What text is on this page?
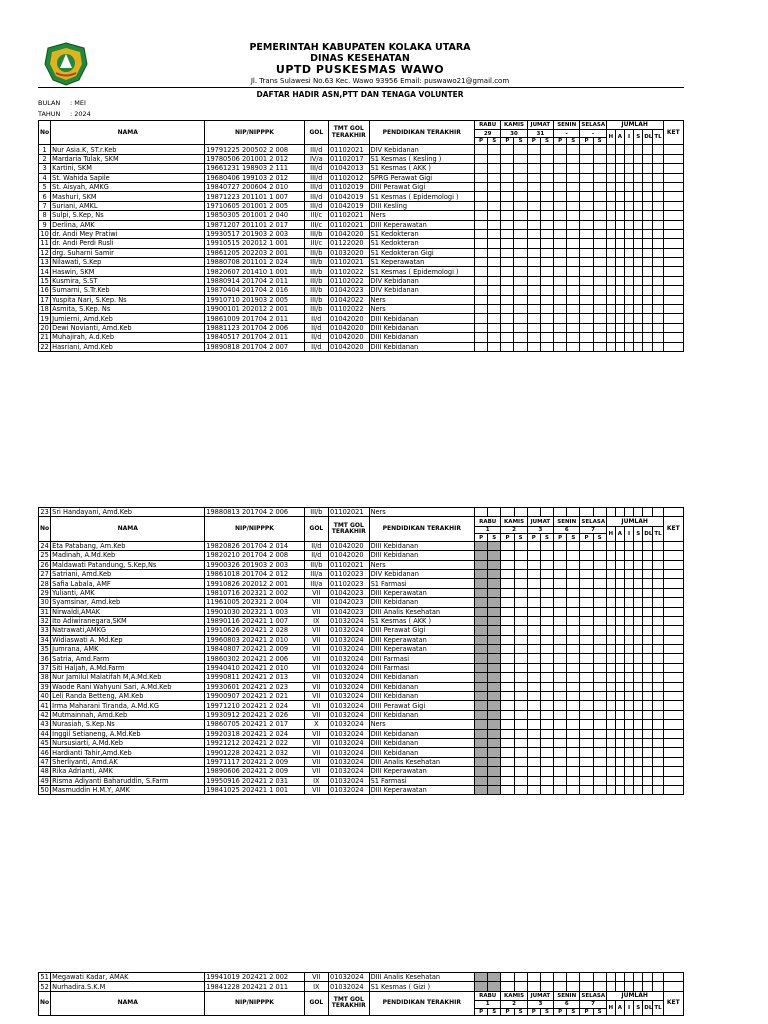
PEMERINTAH KABUPATEN KOLAKA UTARA
DINAS KESEHATAN
UPTD PUSKESMAS WAWO
Jl. Trans Sulawesi No.63 Kec. Wawo 93956 Email: puswawo21@gmail.com
DAFTAR HADIR ASN,PTT DAN TENAGA VOLUNTER
BULAN : MEI
TAHUN : 2024
No	NAMA	NIP/NIPPPK	GOL	TMT GOL TERAKHIR	PENDIDIKAN TERAKHIR	RABU		KAMIS		JUMAT		SENIN		SELASA		JUMLAH						KET
						29		30		31		-		-		H	A	I	S	DL	TL	
						P	S	P	S	P	S	P	S	P	S							
1	Nur Asia.K, ST.r.Keb	19791225 200502 2 008	III/d	01102021	DIV Kebidanan																	
2	Mardaria Tulak, SKM	19780506 201001 2 012	IV/a	01102017	S1 Kesmas ( Kesling )																	
3	Kartini, SKM	19661231 198903 2 111	III/d	01042013	S1 Kesmas ( AKK )																	
4	St. Wahida Sapile	19680406 199103 2 012	III/d	01102012	SPRG Perawat Gigi																	
5	St. Aisyah, AMKG	19840727 200604 2 010	III/d	01102019	DIII Perawat Gigi																	
6	Mashuri, SKM	19871223 201101 1 007	III/d	01042019	S1 Kesmas ( Epidemologi )																	
7	Suriani, AMKL	19710605 201001 2 005	III/d	01042019	DIII Kesling																	
8	Sulpi, S.Kep, Ns	19850305 201001 2 040	III/c	01102021	Ners																	
9	Derlina, AMK	19871207 201101 2 017	III/c	01102021	DIII Keperawatan																	
10	dr. Andi Mey Pratiwi	19930517 201903 2 003	III/b	01042020	S1 Kedokteran																	
11	dr. Andi Perdi Rusli	19910515 202012 1 001	III/c	01122020	S1 Kedokteran																	
12	drg. Suharni Samir	19861205 202203 2 001	III/b	01032020	S1 Kedokteran Gigi																	
13	Nilawati, S.Kep	19880708 201101 2 024	III/b	01102021	S1 Keperawatan																	
14	Haswin, SKM	19820607 201410 1 001	III/b	01102022	S1 Kesmas ( Epidemologi )																	
15	Kusmira, S.ST	19880914 201704 2 011	III/b	01102022	DIV Kebidanan																	
16	Sumarni, S.Tr.Keb	19870404 201704 2 016	III/b	01042023	DIV Kebidanan																	
17	Yuspita Nari, S.Kep. Ns	19910710 201903 2 005	III/b	01042022	Ners																	
18	Asmita, S.Kep. Ns	19900101 202012 2 001	III/b	01102022	Ners																	
19	Jumierni, Amd.Keb	19861009 201704 2 011	II/d	01042020	DIII Kebidanan																	
20	Dewi Novianti, Amd.Keb	19881123 201704 2 006	II/d	01042020	DIII Kebidanan																	
21	Muhajirah, A.d.Keb	19840517 201704 2 011	II/d	01042020	DIII Kebidanan																	
22	Hasriani, Amd.Keb	19890818 201704 2 007	II/d	01042020	DIII Kebidanan																	
23	Sri Handayani, Amd.Keb	19880813 201704 2 006	III/b	01102021	Ners																	
No	NAMA	NIP/NIPPPK	GOL	TMT GOL TERAKHIR	PENDIDIKAN TERAKHIR	RABU		KAMIS		JUMAT		SENIN		SELASA		JUMLAH						KET
						1		2		3		6		7		H	A	I	S	DL	TL	
						P	S	P	S	P	S	P	S	P	S							
24	Eta Patabang, Am.Keb	19820826 201704 2 014	II/d	01042020	DIII Kebidanan																	
25	Madinah, A.Md.Keb	19820210 201704 2 008	II/d	01042020	DIII Kebidanan																	
26	Maldawati Patandung, S.Kep,Ns	19900326 201903 2 003	III/b	01102021	Ners																	
27	Satriani, Amd.Keb	19861018 201704 2 012	III/a	01102023	DIV Kebidanan																	
28	Safia Labala, AMF	19910826 202012 2 001	III/a	01102023	S1 Farmasi																	
29	Yulianti, AMK	19810716 202321 2 002	VII	01042023	DIII Keperawatan																	
30	Syamsinar, Amd.keb	11961005 202321 2 004	VII	01042023	DIII Kebidanan																	
31	Nirwaldi,AMAK	19901030 202321 1 003	VII	01042023	DIII Analis Kesehatan																	
32	Ito Adiwiranegara,SKM	19890116 202421 1 007	IX	01032024	S1 Kesmas ( AKK )																	
33	Natrawati,AMKG	19910626 202421 2 028	VII	01032024	DIII Perawat Gigi																	
34	Widiaswati A. Md.Kep	19960803 202421 2 010	VII	01032024	DIII Keperawatan																	
35	Jumrana, AMK	19840807 202421 2 009	VII	01032024	DIII Keperawatan																	
36	Satria, Amd.Farm	19860302 202421 2 006	VII	01032024	DIII Farmasi																	
37	Siti Haljah, A.Md.Farm	19940410 202421 2 010	VII	01032024	DIII Farmasi																	
38	Nur Jamilul Malatifah M,A.Md.Keb	19990811 202421 2 013	VII	01032024	DIII Kebidanan																	
39	Waode Rani Wahyuni Sari, A.Md.Keb	19930601 202421 2 023	VII	01032024	DIII Kebidanan																	
40	Leli Randa Betteng, AM.Keb	19900907 202421 2 021	VII	01032024	DIII Kebidanan																	
41	Irma Maharani Tiranda, A.Md.KG	19971210 202421 2 024	VII	01032024	DIII Perawat Gigi																	
42	Mutmainnah, Amd.Keb	19930912 202421 2 026	VII	01032024	DIII Kebidanan																	
43	Nurasiah, S.Kep.Ns	19860705 202421 2 017	X	01032024	Ners																	
44	Inggil Setianeng, A.Md.Keb	19920318 202421 2 024	VII	01032024	DIII Kebidanan																	
45	Nursusiarti, A.Md.Keb	19921212 202421 2 022	VII	01032024	DIII Kebidanan																	
46	Hardianti Tahir,Amd.Keb	19901228 202421 2 032	VII	01032024	DIII Kebidanan																	
47	Sherliyanti, Amd.AK	19971117 202421 2 009	VII	01032024	DIII Analis Kesehatan																	
48	Rika Adrianti, AMK	19890606 202421 2 009	VII	01032024	DIII Keperawatan																	
49	Risma Adiyanti Baharuddin, S.Farm	19950916 202421 2 031	IX	01032024	S1 Farmasi																	
50	Masmuddin H.M.Y, AMK	19841025 202421 1 001	VII	01032024	DIII Keperawatan																	
51	Megawati Kadar, AMAK	19941019 202421 2 002	VII	01032024	DIII Analis Kesehatan																	
52	Nurhadira.S.K.M	19841228 202421 2 011	IX	01032024	S1 Kesmas ( Gizi )																	
No	NAMA	NIP/NIPPPK	GOL	TMT GOL TERAKHIR	PENDIDIKAN TERAKHIR	RABU		KAMIS		JUMAT		SENIN		SELASA		JUMLAH						KET
						1		2		3		6		7		H	A	I	S	DL	TL	
						P	S	P	S	P	S	P	S	P	S							
